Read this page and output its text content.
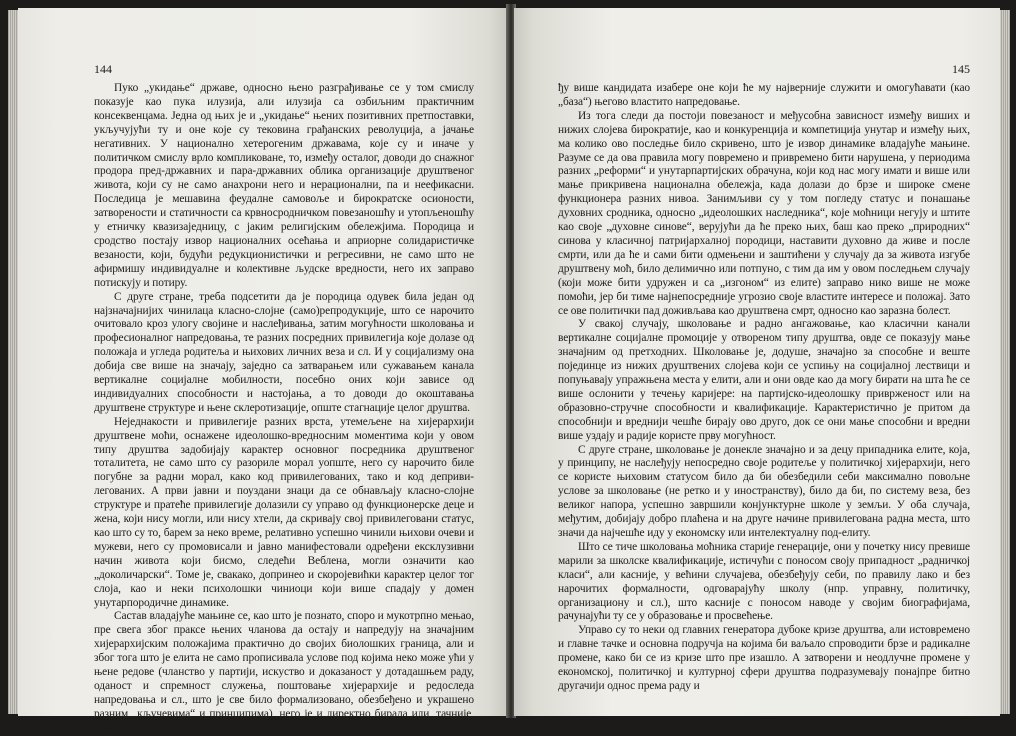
144

Пуко „укидање“ државе, односно њено разграђивање се у том смислу показује као пука илузија, али илузија са озбиљним практичним консеквенцама. Једна од њих је и „укидање“ њених позитивних претпоставки, укључујући ту и оне које су тековина грађанских револуција, а јачање негативних. У национално хетерогеним државама, које су и иначе у политичком смислу врло компликоване, то, између осталог, доводи до снажног продора пред-државних и пара-државних облика организације друштвеног живота, који су не само анахрони него и нерационални, па и неефикасни. Последица је мешавина феудалне самовоље и бирократске осионости, затворености и статичности са крвносродничком повезаношћу и утопљеношћу у етничку квазизаједницу, с јаким религијским обележјима. Породица и сродство постају извор националних осећања и априорне солидаристичке везаности, који, будући редукционистички и регресивни, не само што не афирмишу индивидуалне и колективне људске вредности, него их заправо потискују и потиру.

С друге стране, треба подсетити да је породица одувек била један од најзначајнијих чинилаца класно-слојне (само)репродукције, што се нарочито очитовало кроз улогу својине и наслеђивања, затим могућности школовања и професионалног напредовања, те разних посредних привилегија које долазе од положаја и угледа родитеља и њихових личних веза и сл. И у социјализму она добија све више на значају, заједно са затварањем или сужавањем канала вертикалне социјалне мобилности, посебно оних који зависе од индивидуалних способности и настојања, а то доводи до окоштавања друштвене структуре и њене склеротизације, опште стагнације целог друштва.

Неједнакости и привилегије разних врста, утемељене на хијерархији друштвене моћи, оснажене идеолошко-вредносним моментима који у овом типу друштва задобијају карактер основног посредника друштвеног тоталитета, не само што су разориле морал уопште, него су нарочито биле погубне за радни морал, како код привилегованих, тако и код депривилегованих. А први јавни и поуздани знаци да се обнављају класно-слојне структуре и пратеће привилегије долазили су управо од функционерске деце и жена, који нису могли, или нису хтели, да скривају свој привилеговани статус, као што су то, барем за неко време, релативно успешно чинили њихови очеви и мужеви, него су промовисали и јавно манифестовали одређени ексклузивни начин живота који бисмо, следећи Веблена, могли означити као „доколичарски“. Томе је, свакако, допринео и скоројевићки карактер целог тог слоја, као и неки психолошки чиниоци који више спадају у домен унутарпородичне динамике.

Састав владајуће мањине се, као што је познато, споро и мукотрпно мењао, пре свега због праксе њених чланова да остају и напредују на значајним хијерархијским положајима практично до својих биолошких граница, али и због тога што је елита не само прописивала услове под којима неко може ући у њене редове (чланство у партији, искуство и доказаност у дотадашњем раду, оданост и спремност служења, поштовање хијерархије и редоследа напредовања и сл., што је све било формализовано, обезбеђено и украшено разним „кључевима“ и принципима), него је и директно бирала или, тачније, наименовала, при чему је сваки моћник водио рачуна да изме-

145

ђу више кандидата изабере оне који ће му најверније служити и омогућавати (као „база“) његово властито напредовање.

Из тога следи да постоји повезаност и међусобна зависност између виших и нижих слојева бирократије, као и конкуренција и компетиција унутар и између њих, ма колико ово последње било скривено, што је извор динамике владајуће мањине. Разуме се да ова правила могу повремено и привремено бити нарушена, у периодима разних „реформи“ и унутарпартијских обрачуна, који код нас могу имати и више или мање прикривена национална обележја, када долази до брзе и широке смене функционера разних нивоа. Занимљиви су у том погледу статус и понашање духовних сродника, односно „идеолошких наследника“, које моћници негују и штите као своје „духовне синове“, верујући да ће преко њих, баш као преко „природних“ синова у класичној патријархалној породици, наставити духовно да живе и после смрти, или да ће и сами бити одмењени и заштићени у случају да за живота изгубе друштвену моћ, било делимично или потпуно, с тим да им у овом последњем случају (који може бити удружен и са „изгоном“ из елите) заправо нико више не може помоћи, јер би тиме најнепосредније угрозио своје властите интересе и положај. Зато се ове политички пад доживљава као друштвена смрт, односно као заразна болест.

У свакој случају, школовање и радно ангажовање, као класични канали вертикалне социјалне промоције у отвореном типу друштва, овде се показују мање значајним од претходних. Школовање је, додуше, значајно за способне и веште појединце из нижих друштвених слојева који се успињу на социјалној лествици и попуњавају упражњена места у елити, али и они овде као да могу бирати на шта ће се више ослонити у течењу каријере: на партијско-идеолошку привржeност или на образовно-стручне способности и квалификације. Карактеристично је притом да способнији и вреднији чешће бирају ово друго, док се они мање способни и вредни више уздају и радије користе прву могућност.

С друге стране, школовање је донекле значајно и за децу припадника елите, која, у принципу, не наслеђују непосредно своје родитеље у политичкој хијерархији, него се користе њиховим статусом било да би обезбедили себи максимално повољне услове за школовање (не ретко и у иностранству), било да би, по систему веза, без великог напора, успешно завршили конјунктурне школе у земљи. У оба случаја, међутим, добијају добро плаћена и на друге начине привилегована радна места, што значи да најчешће иду у економску или интелектуалну под-елиту.

Што се тиче школовања моћника старије генерације, они у почетку нису превише марили за школске квалификације, истичући с поносом своју припадност „радничкој класи“, али касније, у већини случајева, обезбеђују себи, по правилу лако и без нарочитих формалности, одговарајућу школу (нпр. управну, политичку, организациону и сл.), што касније с поносом наводе у својим биографијама, рачунајући ту се у образовање и просвећење.

Управо су то неки од главних генератора дубоке кризе друштва, али истовремено и главне тачке и основна подручја на којима би ваљало спроводити брзе и радикалне промене, како би се из кризе што пре изашло. А затворени и неодлучне промене у економској, политичкој и културној сфери друштва подразумевају понајпре битно другачији однос према раду и
